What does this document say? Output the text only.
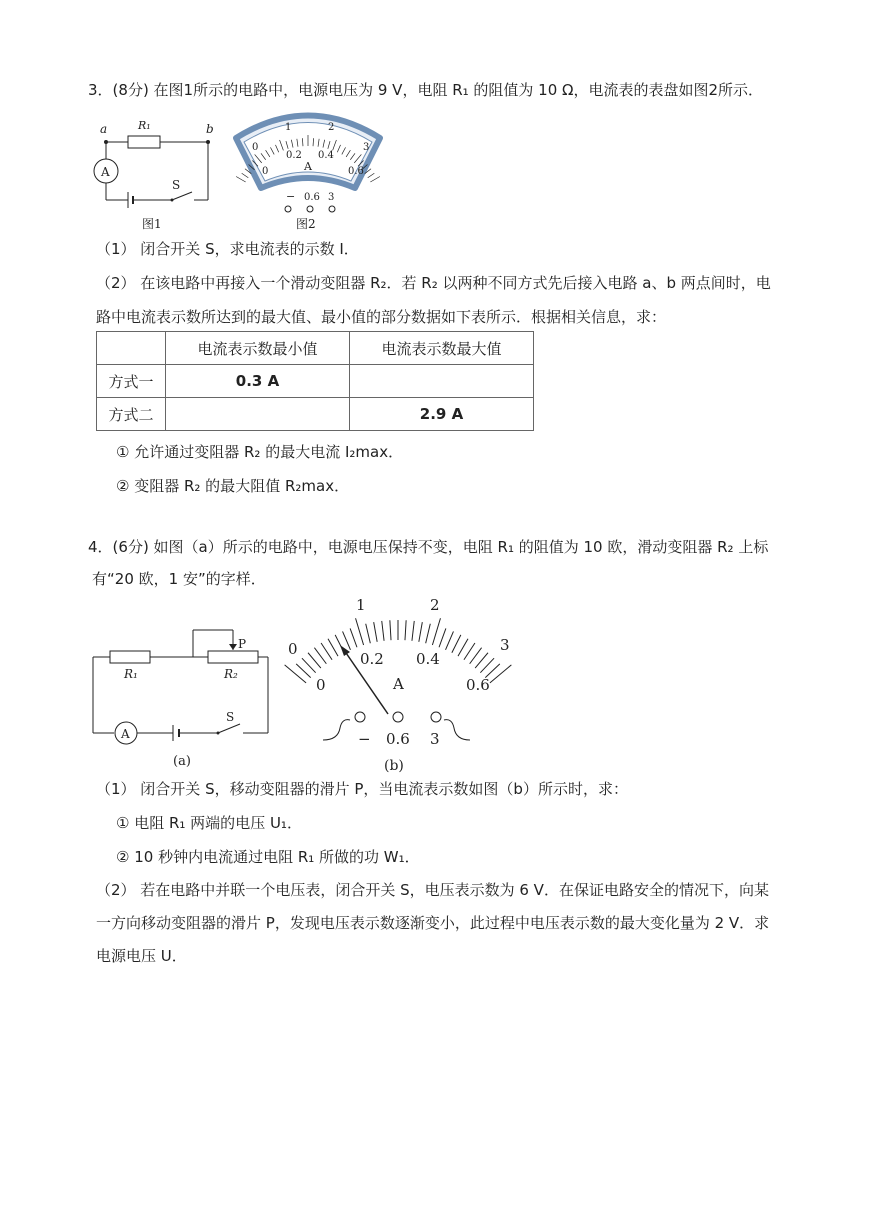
3．(8分) 在图1所示的电路中，电源电压为 9 V，电阻 R₁ 的阻值为 10 Ω，电流表的表盘如图2所示．
a	b
R₁
A
S
图1
0
1	2
3
0
0.2 0.4
0.6
A
− 0.6 3
图2
（1） 闭合开关 S，求电流表的示数 I．
（2） 在该电路中再接入一个滑动变阻器 R₂．若 R₂ 以两种不同方式先后接入电路 a、b 两点间时，电
路中电流表示数所达到的最大值、最小值的部分数据如下表所示．根据相关信息，求：
	电流表示数最小值	电流表示数最大值
方式一	0.3 A	
方式二		2.9 A
① 允许通过变阻器 R₂ 的最大电流 I₂max．
② 变阻器 R₂ 的最大阻值 R₂max．
4．(6分) 如图（a）所示的电路中，电源电压保持不变，电阻 R₁ 的阻值为 10 欧，滑动变阻器 R₂ 上标
有“20 欧，1 安”的字样．
P
R₁	R₂
A
S
(a)
0
1	2
3
0
0.2 0.4
0.6
A
− 0.6 3
(b)
（1） 闭合开关 S，移动变阻器的滑片 P，当电流表示数如图（b）所示时，求：
① 电阻 R₁ 两端的电压 U₁．
② 10 秒钟内电流通过电阻 R₁ 所做的功 W₁．
（2） 若在电路中并联一个电压表，闭合开关 S，电压表示数为 6 V．在保证电路安全的情况下，向某
一方向移动变阻器的滑片 P，发现电压表示数逐渐变小，此过程中电压表示数的最大变化量为 2 V．求
电源电压 U．
